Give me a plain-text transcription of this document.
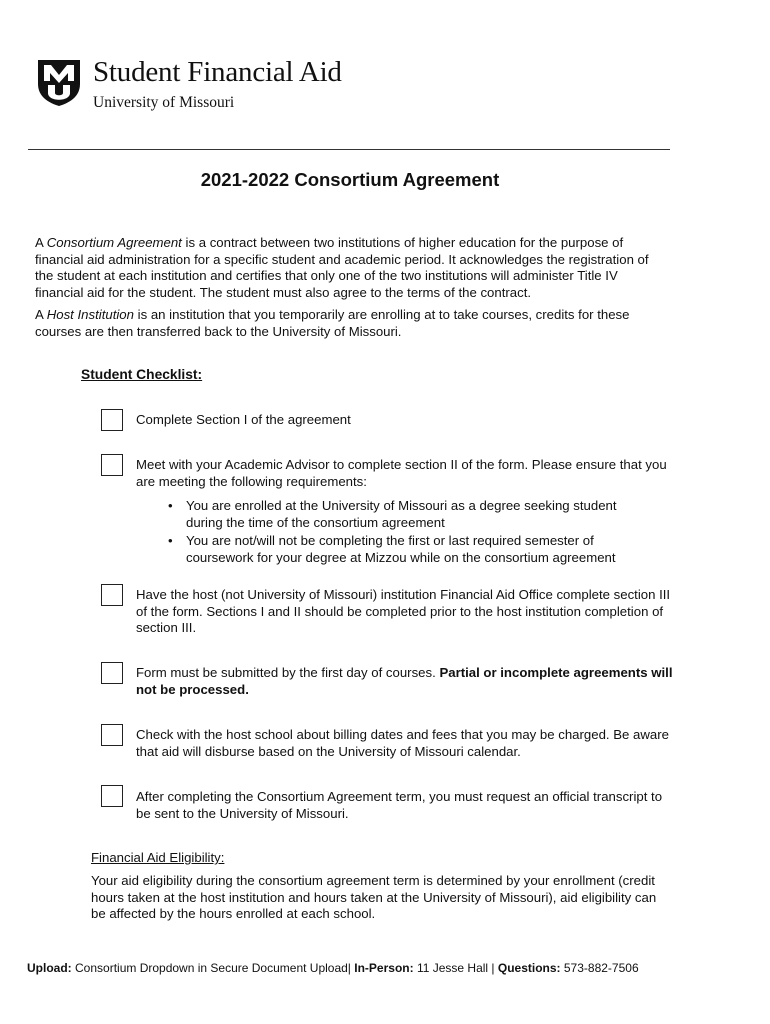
Student Financial Aid
University of Missouri
2021-2022 Consortium Agreement
A Consortium Agreement is a contract between two institutions of higher education for the purpose of financial aid administration for a specific student and academic period. It acknowledges the registration of the student at each institution and certifies that only one of the two institutions will administer Title IV financial aid for the student. The student must also agree to the terms of the contract.
A Host Institution is an institution that you temporarily are enrolling at to take courses, credits for these courses are then transferred back to the University of Missouri.
Student Checklist:
Complete Section I of the agreement
Meet with your Academic Advisor to complete section II of the form. Please ensure that you are meeting the following requirements:
• You are enrolled at the University of Missouri as a degree seeking student during the time of the consortium agreement
• You are not/will not be completing the first or last required semester of coursework for your degree at Mizzou while on the consortium agreement
Have the host (not University of Missouri) institution Financial Aid Office complete section III of the form. Sections I and II should be completed prior to the host institution completion of section III.
Form must be submitted by the first day of courses. Partial or incomplete agreements will not be processed.
Check with the host school about billing dates and fees that you may be charged. Be aware that aid will disburse based on the University of Missouri calendar.
After completing the Consortium Agreement term, you must request an official transcript to be sent to the University of Missouri.
Financial Aid Eligibility:
Your aid eligibility during the consortium agreement term is determined by your enrollment (credit hours taken at the host institution and hours taken at the University of Missouri), aid eligibility can be affected by the hours enrolled at each school.
Upload: Consortium Dropdown in Secure Document Upload| In-Person: 11 Jesse Hall | Questions: 573-882-7506
